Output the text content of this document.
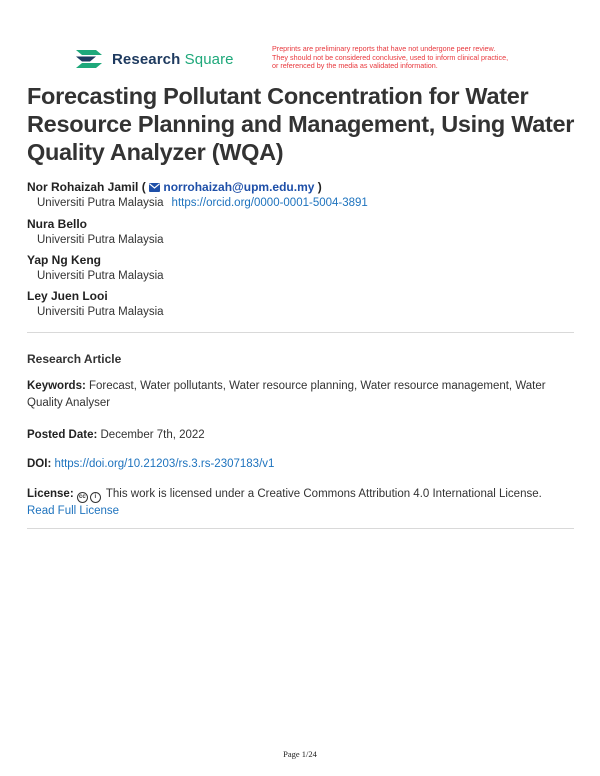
Research Square
Preprints are preliminary reports that have not undergone peer review.
They should not be considered conclusive, used to inform clinical practice,
or referenced by the media as validated information.
Forecasting Pollutant Concentration for Water
Resource Planning and Management, Using Water
Quality Analyzer (WQA)
Nor Rohaizah Jamil (  norrohaizah@upm.edu.my )
Universiti Putra Malaysia https://orcid.org/0000-0001-5004-3891
Nura Bello
Universiti Putra Malaysia
Yap Ng Keng
Universiti Putra Malaysia
Ley Juen Looi
Universiti Putra Malaysia
Research Article
Keywords: Forecast, Water pollutants, Water resource planning, Water resource management, Water Quality Analyser
Posted Date: December 7th, 2022
DOI: https://doi.org/10.21203/rs.3.rs-2307183/v1
License: cc i This work is licensed under a Creative Commons Attribution 4.0 International License.
Read Full License
Page 1/24
